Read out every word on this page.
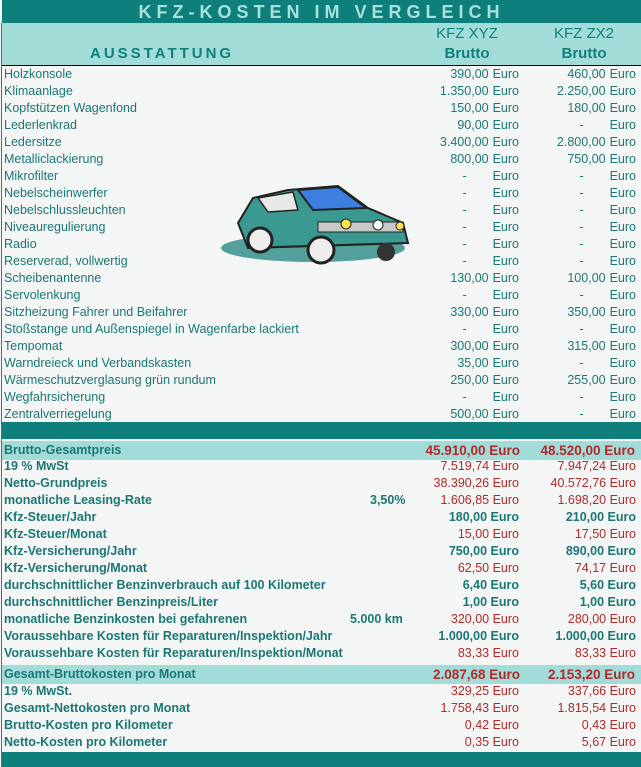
KFZ-KOSTEN IM VERGLEICH
AUSSTATTUNG
KFZ XYZ
Brutto
KFZ ZX2
Brutto
Holzkonsole	390,00 Euro	460,00 Euro
Klimaanlage	1.350,00 Euro	2.250,00 Euro
Kopfstützen Wagenfond	150,00 Euro	180,00 Euro
Lederlenkrad	90,00 Euro	- Euro
Ledersitze	3.400,00 Euro	2.800,00 Euro
Metalliclackierung	800,00 Euro	750,00 Euro
Mikrofilter	- Euro	- Euro
Nebelscheinwerfer	- Euro	- Euro
Nebelschlussleuchten	- Euro	- Euro
Niveauregulierung	- Euro	- Euro
Radio	- Euro	- Euro
Reserverad, vollwertig	- Euro	- Euro
Scheibenantenne	130,00 Euro	100,00 Euro
Servolenkung	- Euro	- Euro
Sitzheizung Fahrer und Beifahrer	330,00 Euro	350,00 Euro
Stoßstange und Außenspiegel in Wagenfarbe lackiert	- Euro	- Euro
Tempomat	300,00 Euro	315,00 Euro
Warndreieck und Verbandskasten	35,00 Euro	- Euro
Wärmeschutzverglasung grün rundum	250,00 Euro	255,00 Euro
Wegfahrsicherung	- Euro	- Euro
Zentralverriegelung	500,00 Euro	- Euro
Brutto-Gesamtpreis	45.910,00 Euro 48.520,00 Euro
19 % MwSt	7.519,74 Euro	7.947,24 Euro
Netto-Grundpreis	38.390,26 Euro	40.572,76 Euro
monatliche Leasing-Rate	3,50%	1.606,85 Euro	1.698,20 Euro
Kfz-Steuer/Jahr	180,00 Euro	210,00 Euro
Kfz-Steuer/Monat	15,00 Euro	17,50 Euro
Kfz-Versicherung/Jahr	750,00 Euro	890,00 Euro
Kfz-Versicherung/Monat	62,50 Euro	74,17 Euro
durchschnittlicher Benzinverbrauch auf 100 Kilometer	6,40 Euro	5,60 Euro
durchschnittlicher Benzinpreis/Liter	1,00 Euro	1,00 Euro
monatliche Benzinkosten bei gefahrenen	5.000 km	320,00 Euro	280,00 Euro
Voraussehbare Kosten für Reparaturen/Inspektion/Jahr	1.000,00 Euro	1.000,00 Euro
Voraussehbare Kosten für Reparaturen/Inspektion/Monat	83,33 Euro	83,33 Euro
Gesamt-Bruttokosten pro Monat	2.087,68 Euro 2.153,20 Euro
19 % MwSt.	329,25 Euro	337,66 Euro
Gesamt-Nettokosten pro Monat	1.758,43 Euro	1.815,54 Euro
Brutto-Kosten pro Kilometer	0,42 Euro	0,43 Euro
Netto-Kosten pro Kilometer	0,35 Euro	5,67 Euro
